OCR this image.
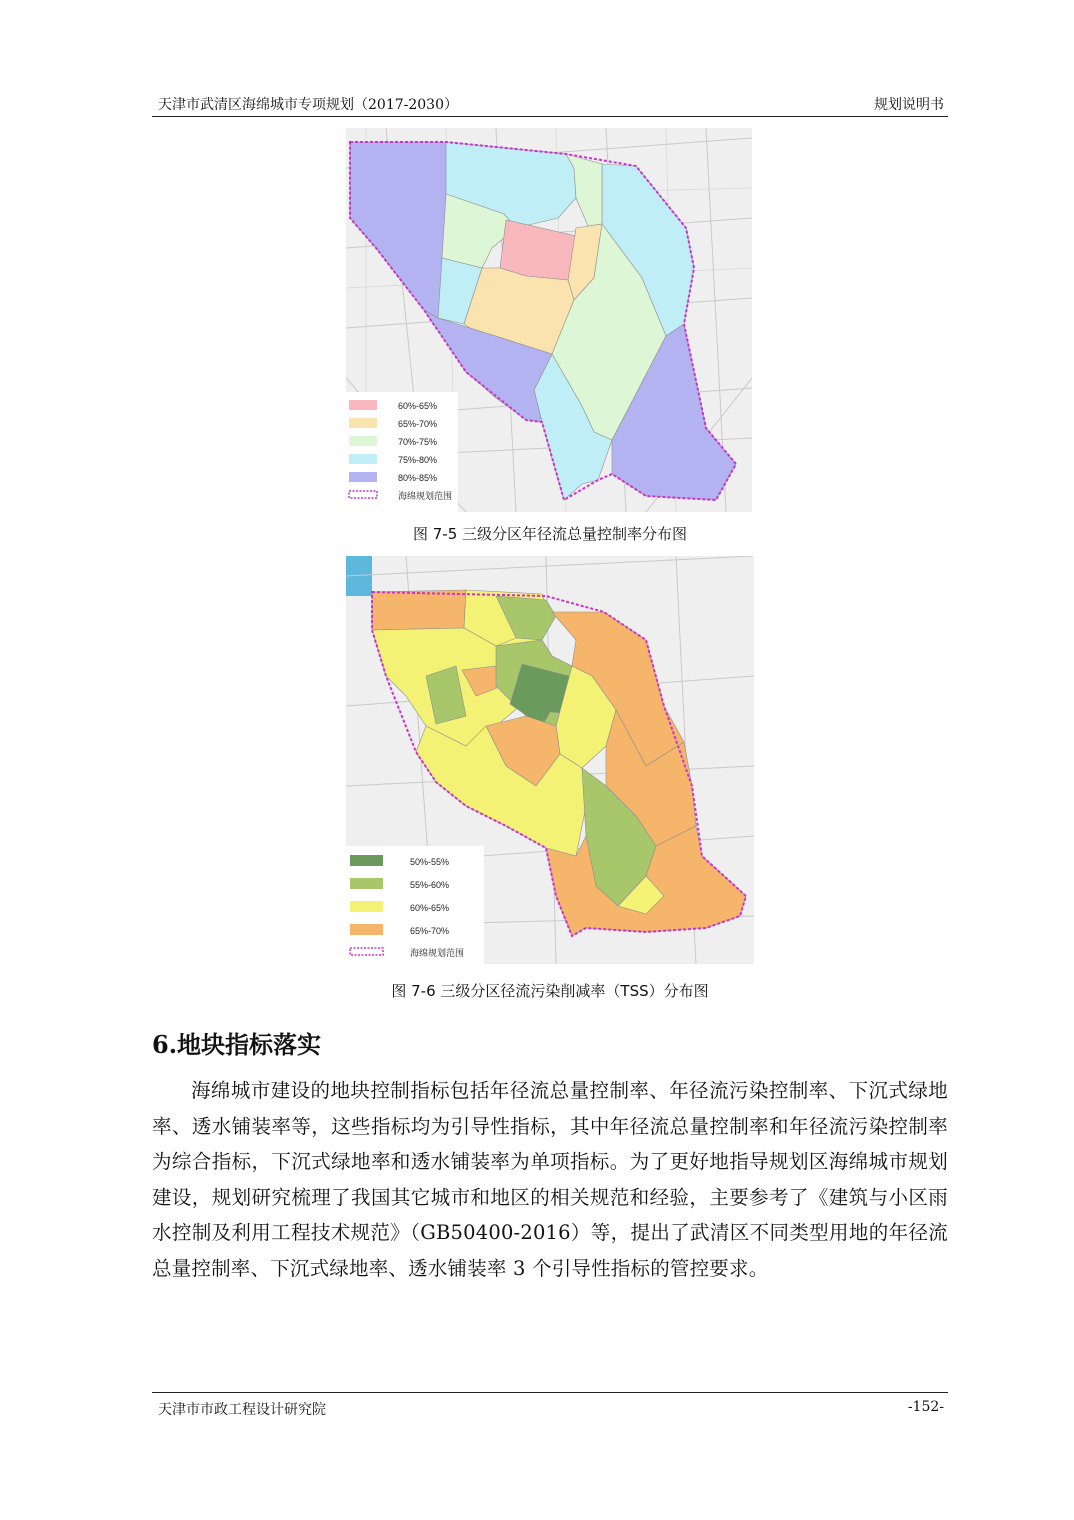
天津市武清区海绵城市专项规划（2017-2030）	规划说明书
60%-65%
65%-70%
70%-75%
75%-80%
80%-85%
海绵规划范围
图 7-5 三级分区年径流总量控制率分布图
50%-55%
55%-60%
60%-65%
65%-70%
海绵规划范围
图 7-6 三级分区径流污染削减率（TSS）分布图
6.地块指标落实
海绵城市建设的地块控制指标包括年径流总量控制率、年径流污染控制率、下沉式绿地率、透水铺装率等，这些指标均为引导性指标，其中年径流总量控制率和年径流污染控制率为综合指标，下沉式绿地率和透水铺装率为单项指标。为了更好地指导规划区海绵城市规划建设，规划研究梳理了我国其它城市和地区的相关规范和经验，主要参考了《建筑与小区雨水控制及利用工程技术规范》（GB50400-2016）等，提出了武清区不同类型用地的年径流总量控制率、下沉式绿地率、透水铺装率 3 个引导性指标的管控要求。
天津市市政工程设计研究院	-152-
